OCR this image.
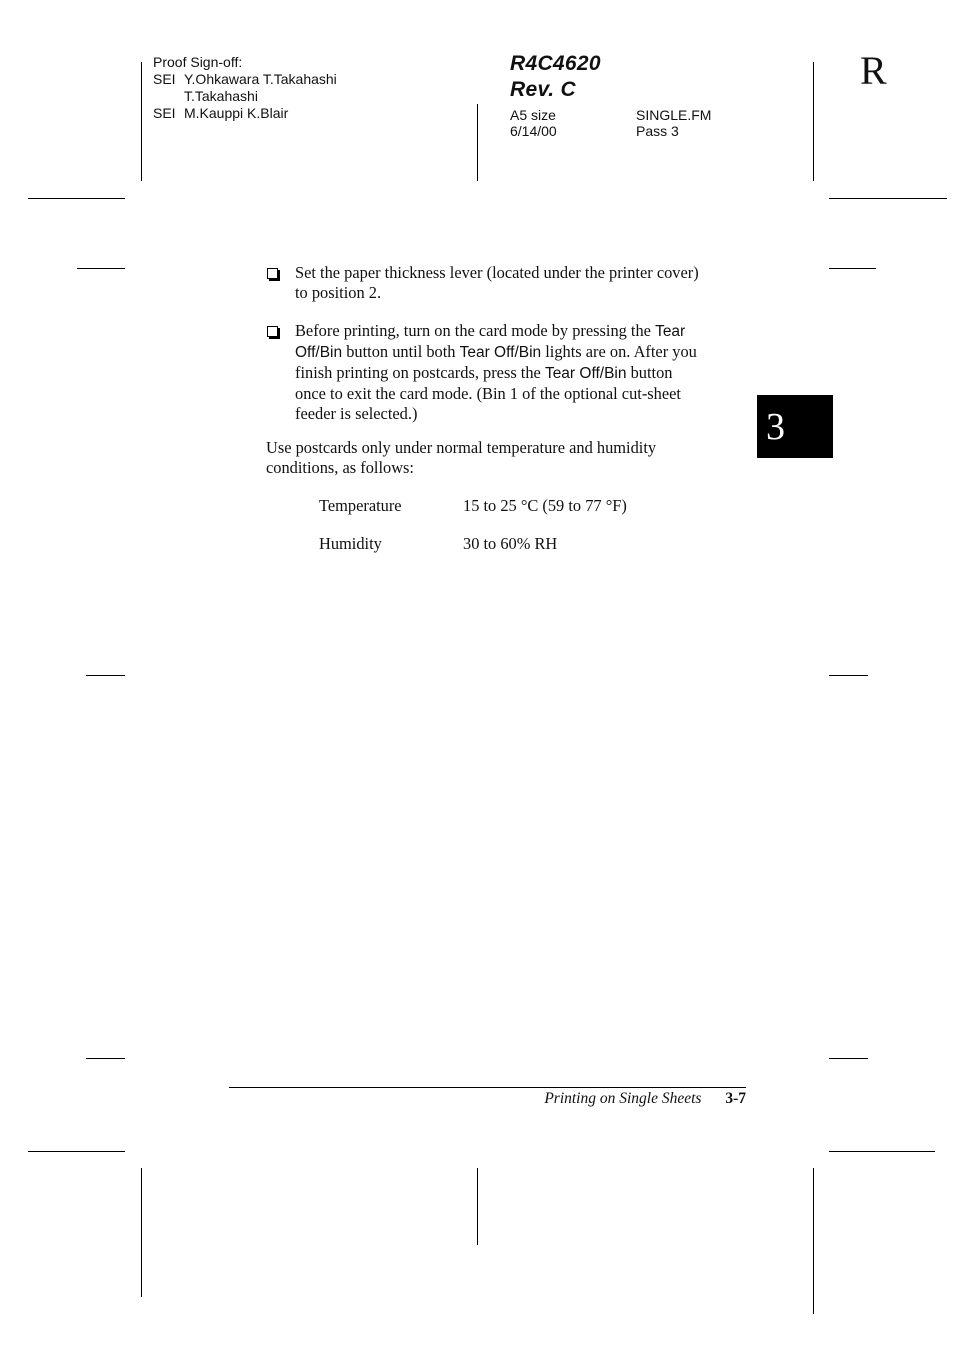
Proof Sign-off:
SEI Y.Ohkawara T.Takahashi
T.Takahashi
SEI M.Kauppi K.Blair
R4C4620
Rev. C
A5 size	SINGLE.FM
6/14/00	Pass 3
R
Set the paper thickness lever (located under the printer cover)
to position 2.
Before printing, turn on the card mode by pressing the Tear
Off/Bin button until both Tear Off/Bin lights are on. After you
finish printing on postcards, press the Tear Off/Bin button
once to exit the card mode. (Bin 1 of the optional cut-sheet
feeder is selected.)
Use postcards only under normal temperature and humidity
conditions, as follows:
Temperature	15 to 25 °C (59 to 77 °F)
Humidity	30 to 60% RH
3
Printing on Single Sheets 3-7
